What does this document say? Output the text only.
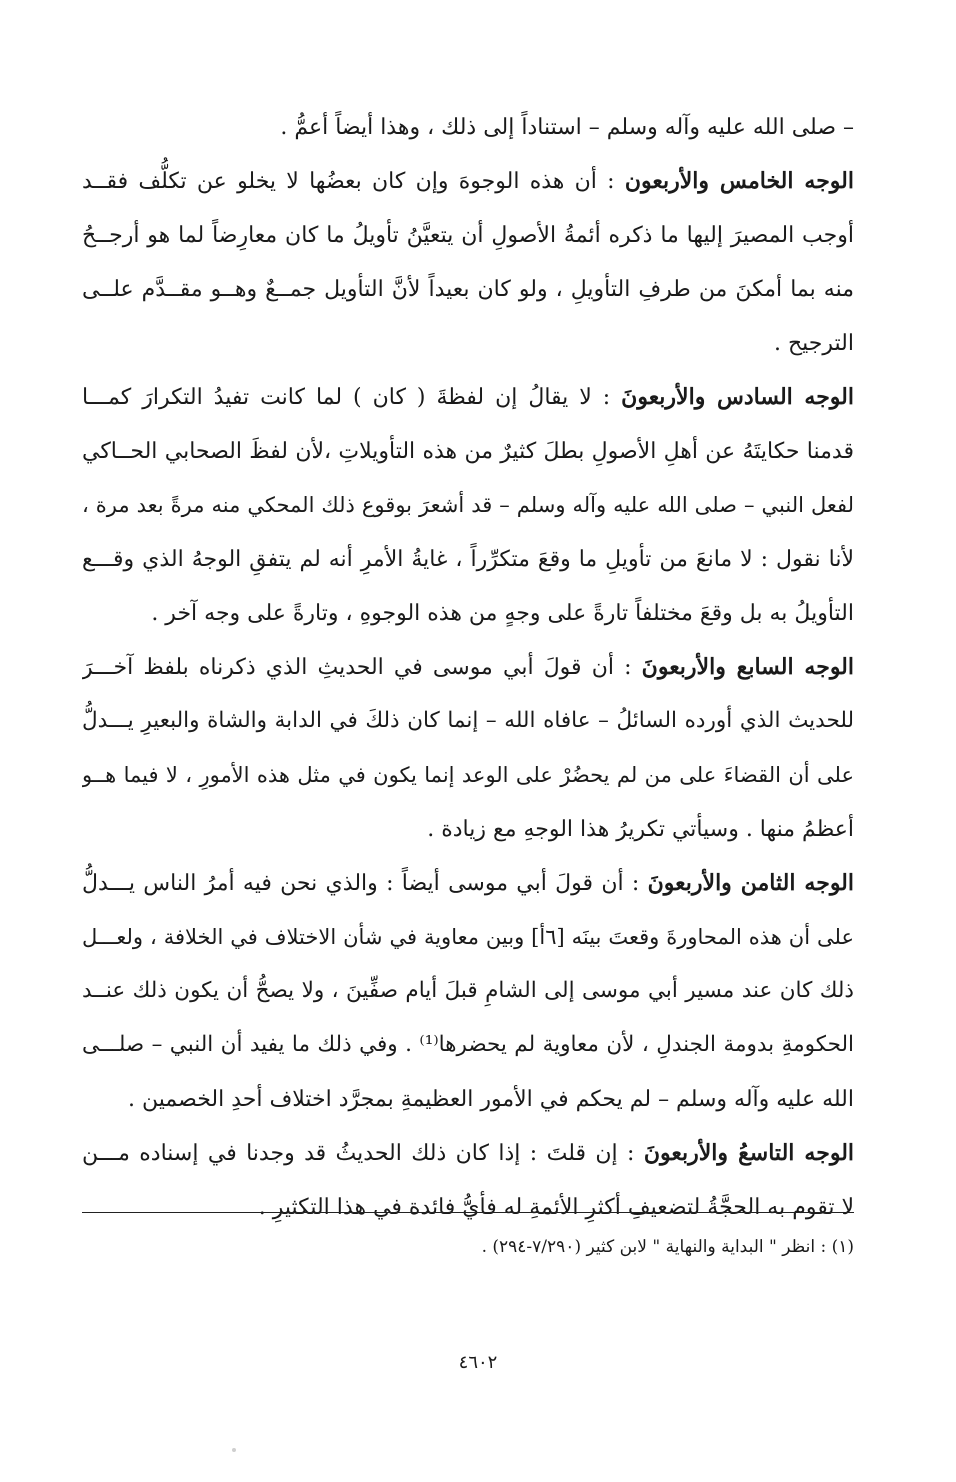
– صلى الله عليه وآله وسلم – استناداً إلى ذلك ، وهذا أيضاً أعمُّ .
الوجه الخامس والأربعون : أن هذه الوجوهَ وإن كان بعضُها لا يخلو عن تكلُّف فقــد
أوجب المصيرَ إليها ما ذكره أئمةُ الأصولِ أن يتعيَّنُ تأويلُ ما كان معارِضاً لما هو أرجــحُ
منه بما أمكنَ من طرفِ التأويلِ ، ولو كان بعيداً لأنَّ التأويل جمــعٌ وهــو مقــدَّم علــى
الترجيح .
الوجه السادس والأربعونَ : لا يقالُ إن لفظةَ ( كان ) لما كانت تفيدُ التكرارَ كمـــا
قدمنا حكايتَهُ عن أهلِ الأصولِ بطلَ كثيرٌ من هذه التأويلاتِ ،لأن لفظَ الصحابي الحــاكي
لفعل النبي – صلى الله عليه وآله وسلم – قد أشعرَ بوقوع ذلك المحكي منه مرةً بعد مرة ،
لأنا نقول : لا مانعَ من تأويلِ ما وقعَ متكرِّراً ، غايةُ الأمرِ أنه لم يتفقِ الوجهُ الذي وقـــع
التأويلُ به بل وقعَ مختلفاً تارةً على وجهٍ من هذه الوجوهِ ، وتارةً على وجه آخر .
الوجه السابع والأربعونَ : أن قولَ أبي موسى في الحديثِ الذي ذكرناه بلفظ آخـــرَ
للحديث الذي أورده السائلُ – عافاه الله – إنما كان ذلكَ في الدابة والشاة والبعيرِ يـــدلُّ
على أن القضاءَ على من لم يحضُرْ على الوعد إنما يكون في مثل هذه الأمورِ ، لا فيما هــو
أعظمُ منها . وسيأتي تكريرُ هذا الوجهِ مع زيادة .
الوجه الثامن والأربعونَ : أن قولَ أبي موسى أيضاً : والذي نحن فيه أمرُ الناس يـــدلُّ
على أن هذه المحاورةَ وقعتَ بينَه [٦أ] وبين معاوية في شأن الاختلاف في الخلافة ، ولعـــل
ذلك كان عند مسير أبي موسى إلى الشامِ قبلَ أيام صفِّينَ ، ولا يصحُّ أن يكون ذلك عنــد
الحكومةِ بدومة الجندلِ ، لأن معاوية لم يحضرها⁽¹⁾ . وفي ذلك ما يفيد أن النبي – صلـــى
الله عليه وآله وسلم – لم يحكم في الأمور العظيمةِ بمجرَّد اختلاف أحدِ الخصمين .
الوجه التاسعُ والأربعونَ : إن قلتَ : إذا كان ذلك الحديثُ قد وجدنا في إسناده مـــن
لا تقوم به الحجَّةُ لتضعيفِ أكثرِ الأئمةِ له فأيُّ فائدة في هذا التكثيرِ .
(١) : انظر " البداية والنهاية " لابن كثير (٧/٢٩٠-٢٩٤) .
٤٦٠٢
